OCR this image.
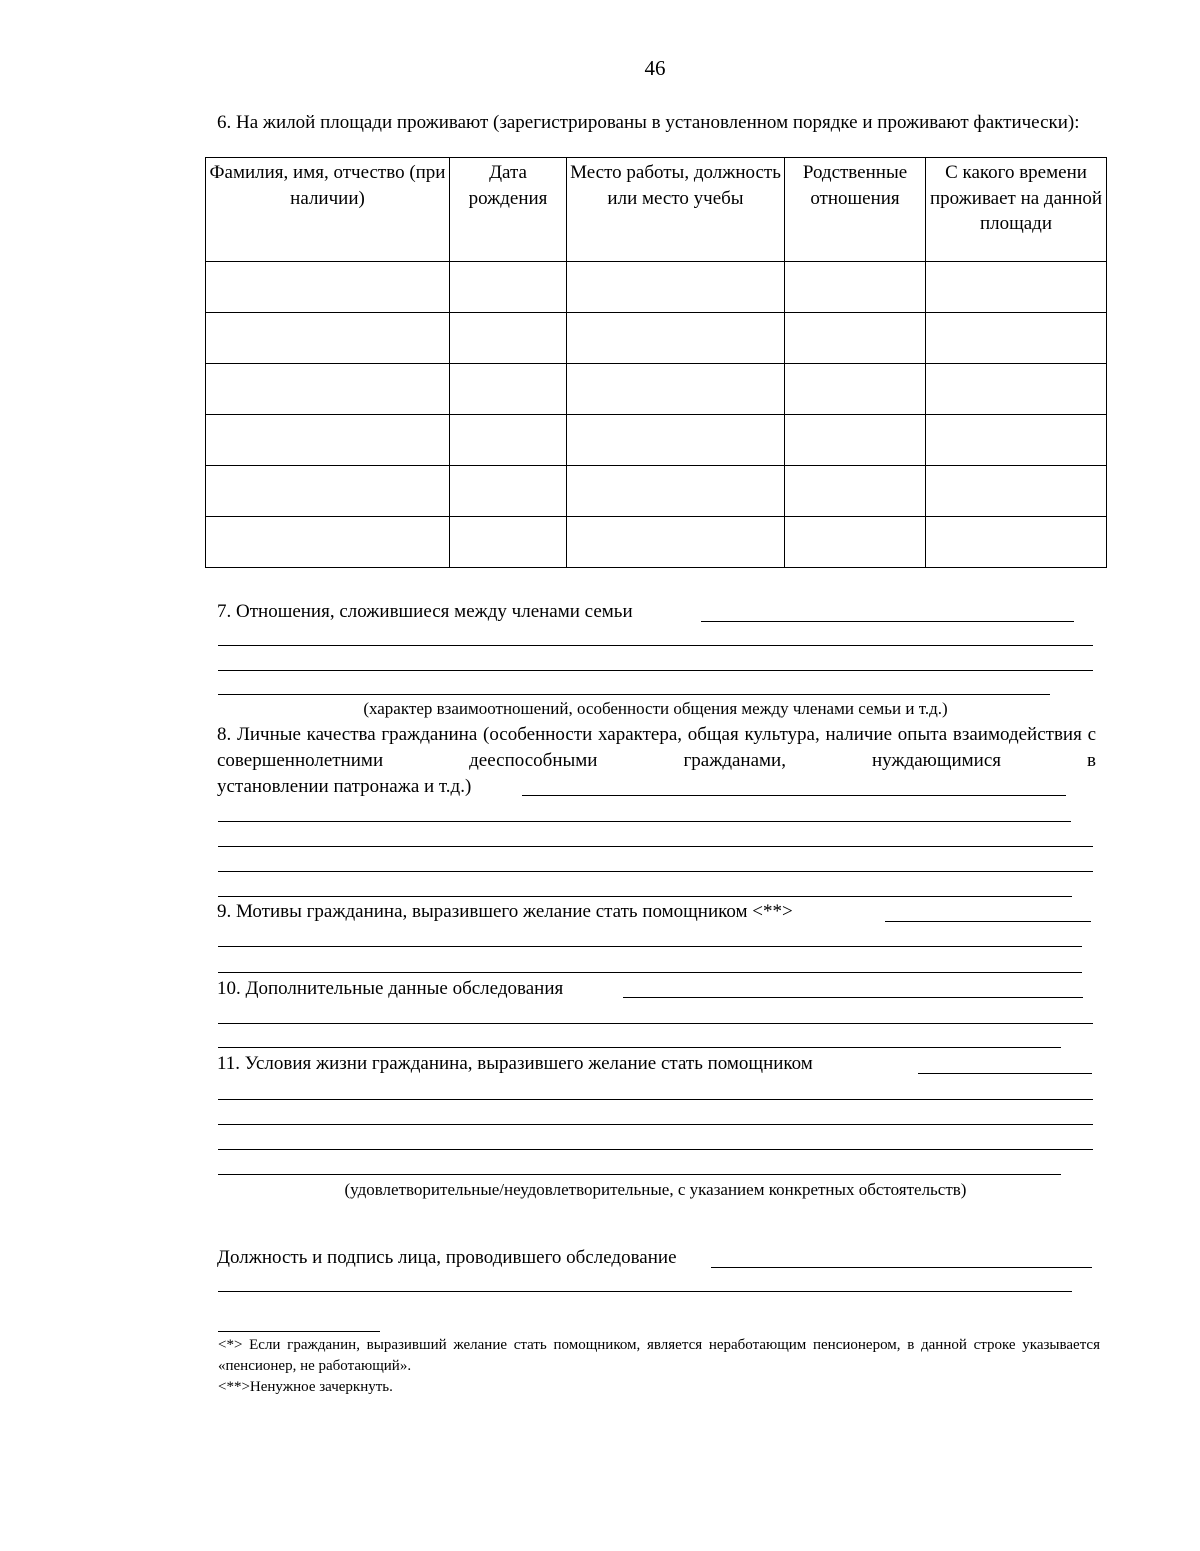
46
6. На жилой площади проживают (зарегистрированы в установленном порядке и проживают фактически):
Фамилия, имя, отчество (при наличии)	Дата рождения	Место работы, должность или место учебы	Родственные отношения	С какого времени проживает на данной площади

7. Отношения, сложившиеся между членами семьи
(характер взаимоотношений, особенности общения между членами семьи и т.д.)
8. Личные качества гражданина (особенности характера, общая культура, наличие опыта взаимодействия с совершеннолетними дееспособными гражданами, нуждающимися в
установлении патронажа и т.д.)
9. Мотивы гражданина, выразившего желание стать помощником <**>
10. Дополнительные данные обследования
11. Условия жизни гражданина, выразившего желание стать помощником
(удовлетворительные/неудовлетворительные, с указанием конкретных обстоятельств)
Должность и подпись лица, проводившего обследование
<*> Если гражданин, выразивший желание стать помощником, является неработающим пенсионером, в данной строке указывается «пенсионер, не работающий».
<**>Ненужное зачеркнуть.
